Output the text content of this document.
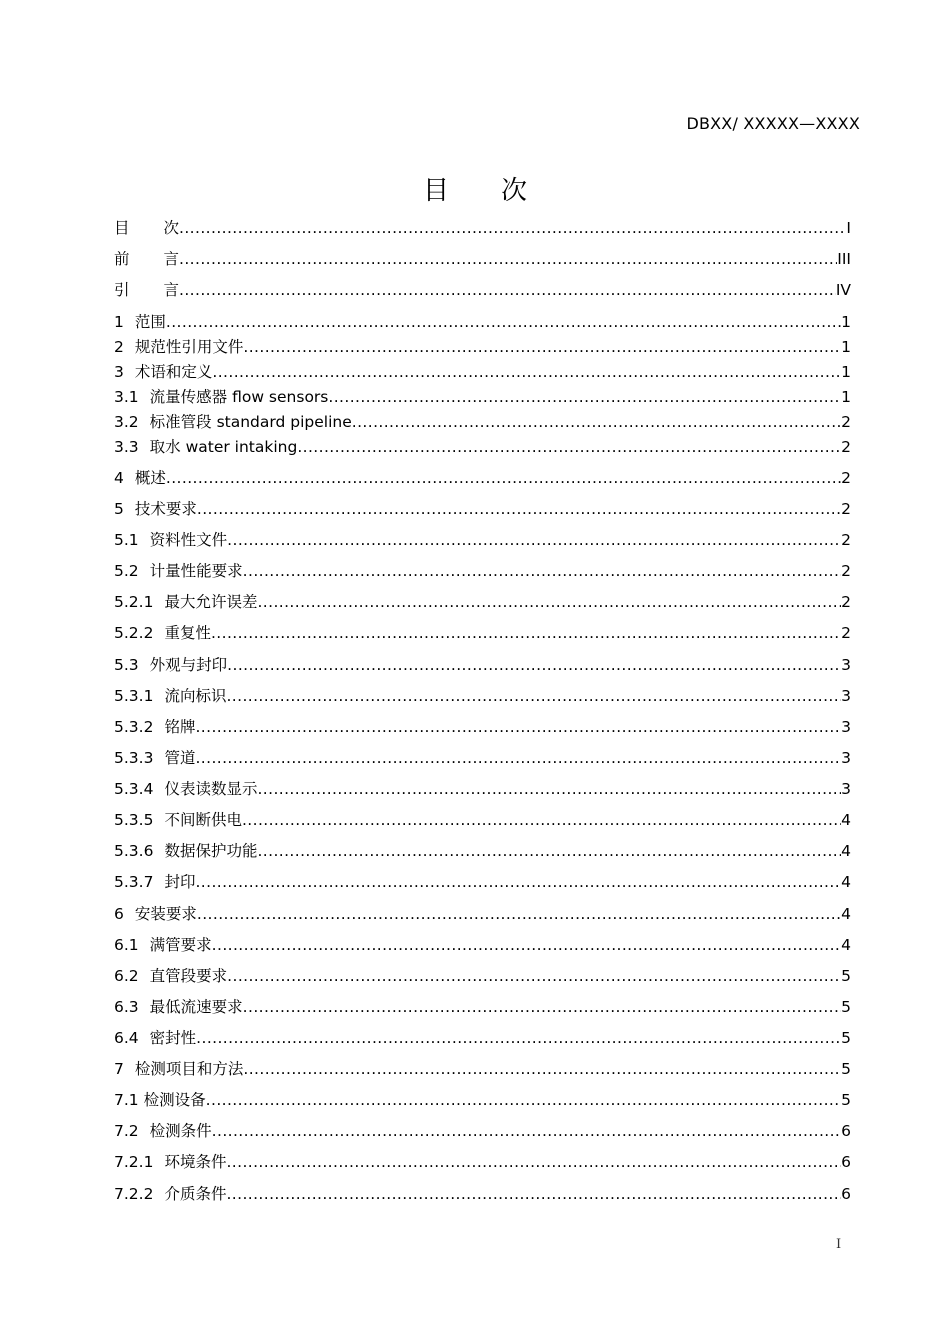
DBXX/ XXXXX—XXXX
目 次
目 次 .....	I
前 言 .....	III
引 言 .....	IV
1 范围 .....	1
2 规范性引用文件 .....	1
3 术语和定义 .....	1
3.1 流量传感器 flow sensors .....	1
3.2 标准管段 standard pipeline .....	2
3.3 取水 water intaking .....	2
4 概述 .....	2
5 技术要求 .....	2
5.1 资料性文件 .....	2
5.2 计量性能要求 .....	2
5.2.1 最大允许误差 .....	2
5.2.2 重复性 .....	2
5.3 外观与封印 .....	3
5.3.1 流向标识 .....	3
5.3.2 铭牌 .....	3
5.3.3 管道 .....	3
5.3.4 仪表读数显示 .....	3
5.3.5 不间断供电 .....	4
5.3.6 数据保护功能 .....	4
5.3.7 封印 .....	4
6 安装要求 .....	4
6.1 满管要求 .....	4
6.2 直管段要求 .....	5
6.3 最低流速要求 .....	5
6.4 密封性 .....	5
7 检测项目和方法 .....	5
7.1 检测设备 .....	5
7.2 检测条件 .....	6
7.2.1 环境条件 .....	6
7.2.2 介质条件 .....	6
I
